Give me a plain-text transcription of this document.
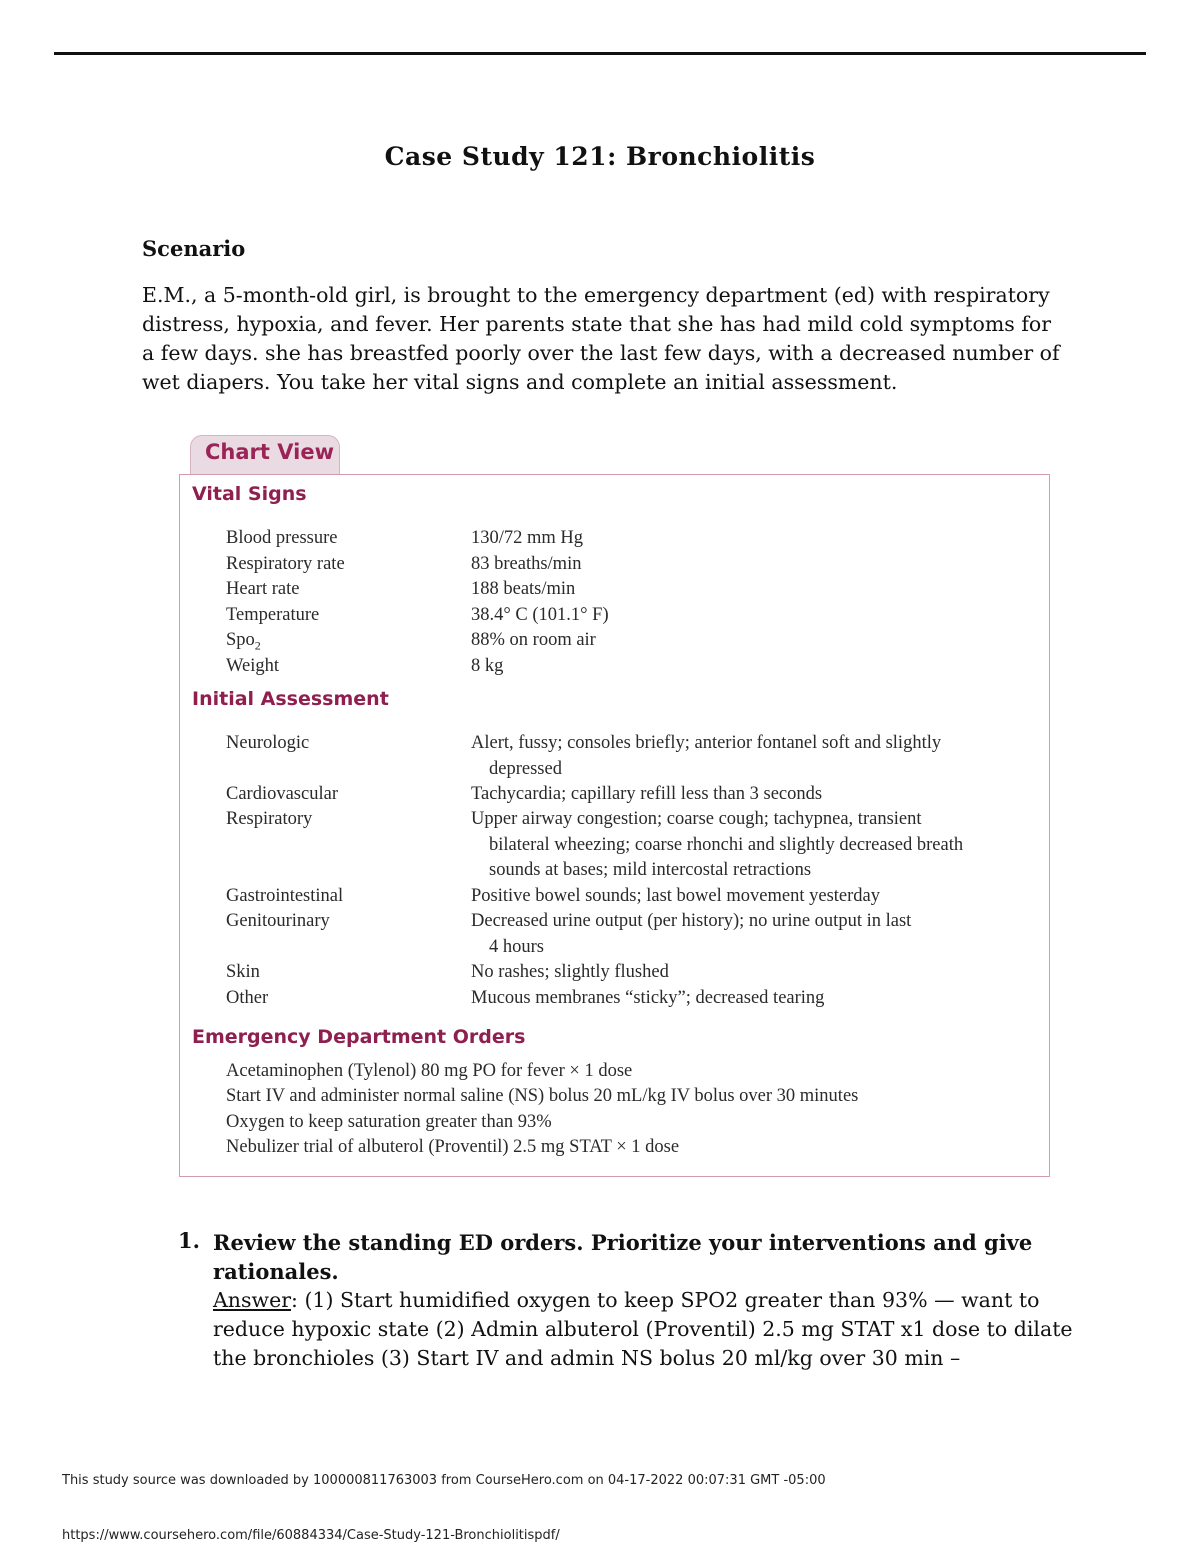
Case Study 121: Bronchiolitis
Scenario

E.M., a 5-month-old girl, is brought to the emergency department (ed) with respiratory distress, hypoxia, and fever. Her parents state that she has had mild cold symptoms for a few days. she has breastfed poorly over the last few days, with a decreased number of wet diapers. You take her vital signs and complete an initial assessment.

Chart View
Vital Signs
Blood pressure	130/72 mm Hg
Respiratory rate	83 breaths/min
Heart rate	188 beats/min
Temperature	38.4° C (101.1° F)
Spo$_2$	88% on room air
Weight	8 kg
Initial Assessment
Neurologic	Alert, fussy; consoles briefly; anterior fontanel soft and slightly
depressed
Cardiovascular	Tachycardia; capillary refill less than 3 seconds
Respiratory	Upper airway congestion; coarse cough; tachypnea, transient
bilateral wheezing; coarse rhonchi and slightly decreased breath sounds at bases; mild intercostal retractions
Gastrointestinal	Positive bowel sounds; last bowel movement yesterday
Genitourinary	Decreased urine output (per history); no urine output in last
4 hours
Skin	No rashes; slightly flushed
Other	Mucous membranes “sticky”; decreased tearing
Emergency Department Orders
Acetaminophen (Tylenol) 80 mg PO for fever × 1 dose
Start IV and administer normal saline (NS) bolus 20 mL/kg IV bolus over 30 minutes
Oxygen to keep saturation greater than 93%
Nebulizer trial of albuterol (Proventil) 2.5 mg STAT × 1 dose
1. Review the standing ED orders. Prioritize your interventions and give rationales.

Answer: (1) Start humidified oxygen to keep SPO2 greater than 93% — want to reduce hypoxic state (2) Admin albuterol (Proventil) 2.5 mg STAT x1 dose to dilate the bronchioles (3) Start IV and admin NS bolus 20 ml/kg over 30 min –

This study source was downloaded by 100000811763003 from CourseHero.com on 04-17-2022 00:07:31 GMT -05:00
https://www.coursehero.com/file/60884334/Case-Study-121-Bronchiolitispdf/
